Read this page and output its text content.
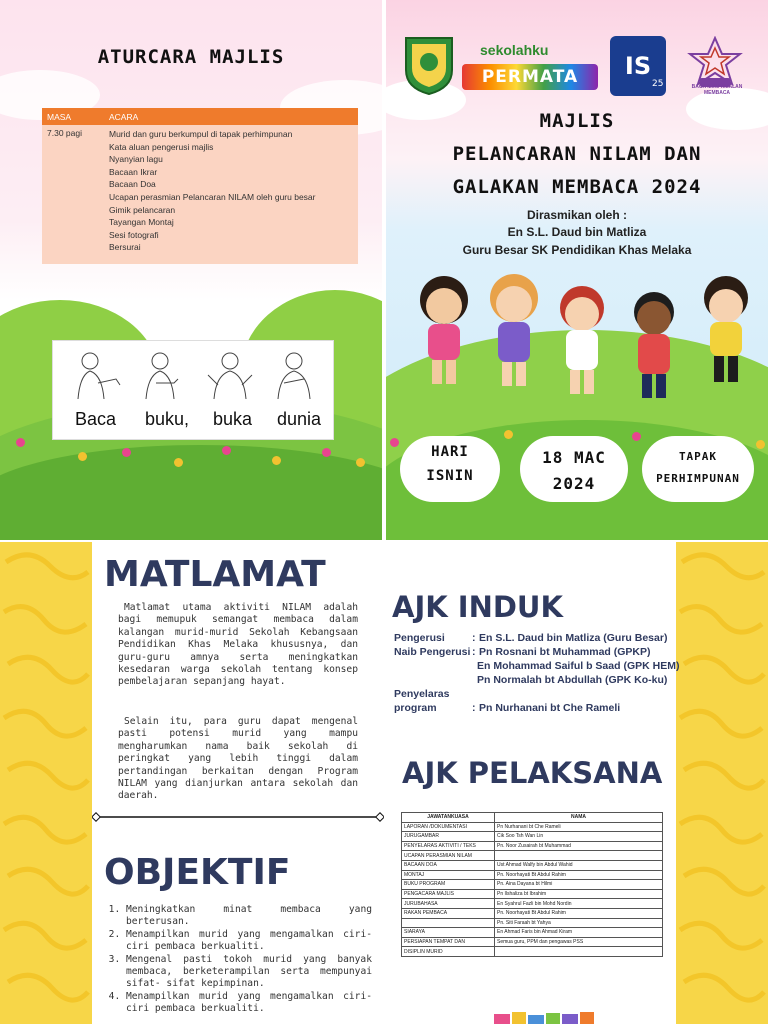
ATURCARA MAJLIS
MASA	ACARA
7.30 pagi	Murid dan guru berkumpul di tapak perhimpunan
Kata aluan pengerusi majlis
Nyanyian lagu
Bacaan Ikrar
Bacaan Doa
Ucapan perasmian Pelancaran NILAM oleh guru besar
Gimik pelancaran
Tayangan Montaj
Sesi fotografi
Bersurai
Baca buku, buka dunia
sekolahku
PERMATA	IS
25	BACA ILMU AMALAN MEMBACA
MAJLIS
PELANCARAN NILAM DAN
GALAKAN MEMBACA 2024
Dirasmikan oleh :
En S.L. Daud bin Matliza
Guru Besar SK Pendidikan Khas Melaka
HARI
ISNIN
18 MAC
2024
TAPAK
PERHIMPUNAN
MATLAMAT
Matlamat utama aktiviti NILAM adalah bagi memupuk semangat membaca dalam kalangan murid-murid Sekolah Kebangsaan Pendidikan Khas Melaka khususnya, dan guru-guru amnya serta meningkatkan kesedaran warga sekolah tentang konsep pembelajaran sepanjang hayat.
Selain itu, para guru dapat mengenal pasti potensi murid yang mampu mengharumkan nama baik sekolah di peringkat yang lebih tinggi dalam pertandingan berkaitan dengan Program NILAM yang dianjurkan antara sekolah dan daerah.
OBJEKTIF
1. Meningkatkan minat membaca yang berterusan.
2. Menampilkan murid yang mengamalkan ciri- ciri pembaca berkualiti.
3. Mengenal pasti tokoh murid yang banyak membaca, berketerampilan serta mempunyai sifat- sifat kepimpinan.
4. Menampilkan murid yang mengamalkan ciri- ciri pembaca berkualiti.
AJK INDUK
Pengerusi	: En S.L. Daud bin Matliza (Guru Besar)
Naib Pengerusi : Pn Rosnani bt Muhammad (GPKP)
En Mohammad Saiful b Saad (GPK HEM)
Pn Normalah bt Abdullah (GPK Ko-ku)
Penyelaras
program	: Pn Nurhanani bt Che Rameli
AJK PELAKSANA
JAWATANKUASA	NAMA
LAPORAN /DOKUMENTASI	Pn Nurhanani bt Che Rameli
JURUGAMBAR	Cik Soo Tsh Wan Lin
PENYELARAS AKTIVITI / TEKS	Pn. Noor Zusairah bt Muhammad
UCAPAN PERASMIAN NILAM	
BACAAN DOA	Ust Ahmad Walfy bin Abdul Wahid
MONTAJ	Pn. Noorhayati Bt Abdul Rahim
BUKU PROGRAM	Pn. Aina Dayana bt Hilmi
PENGACARA MAJLIS	Pn Ilshaliza bt Ibrahim
JURUBAHASA	En Syahrul Fazli bin Mohd Nordin
RAKAN PEMBACA	Pn. Noorhayati Bt Abdul Rahim
	Pn. Siti Faraah bt Yahya
SIARAYA	En Ahmad Faris bin Ahmad Kiram
PERSIAPAN TEMPAT DAN	Semua guru, PPM dan pengawas PSS
DISIPLIN MURID	
